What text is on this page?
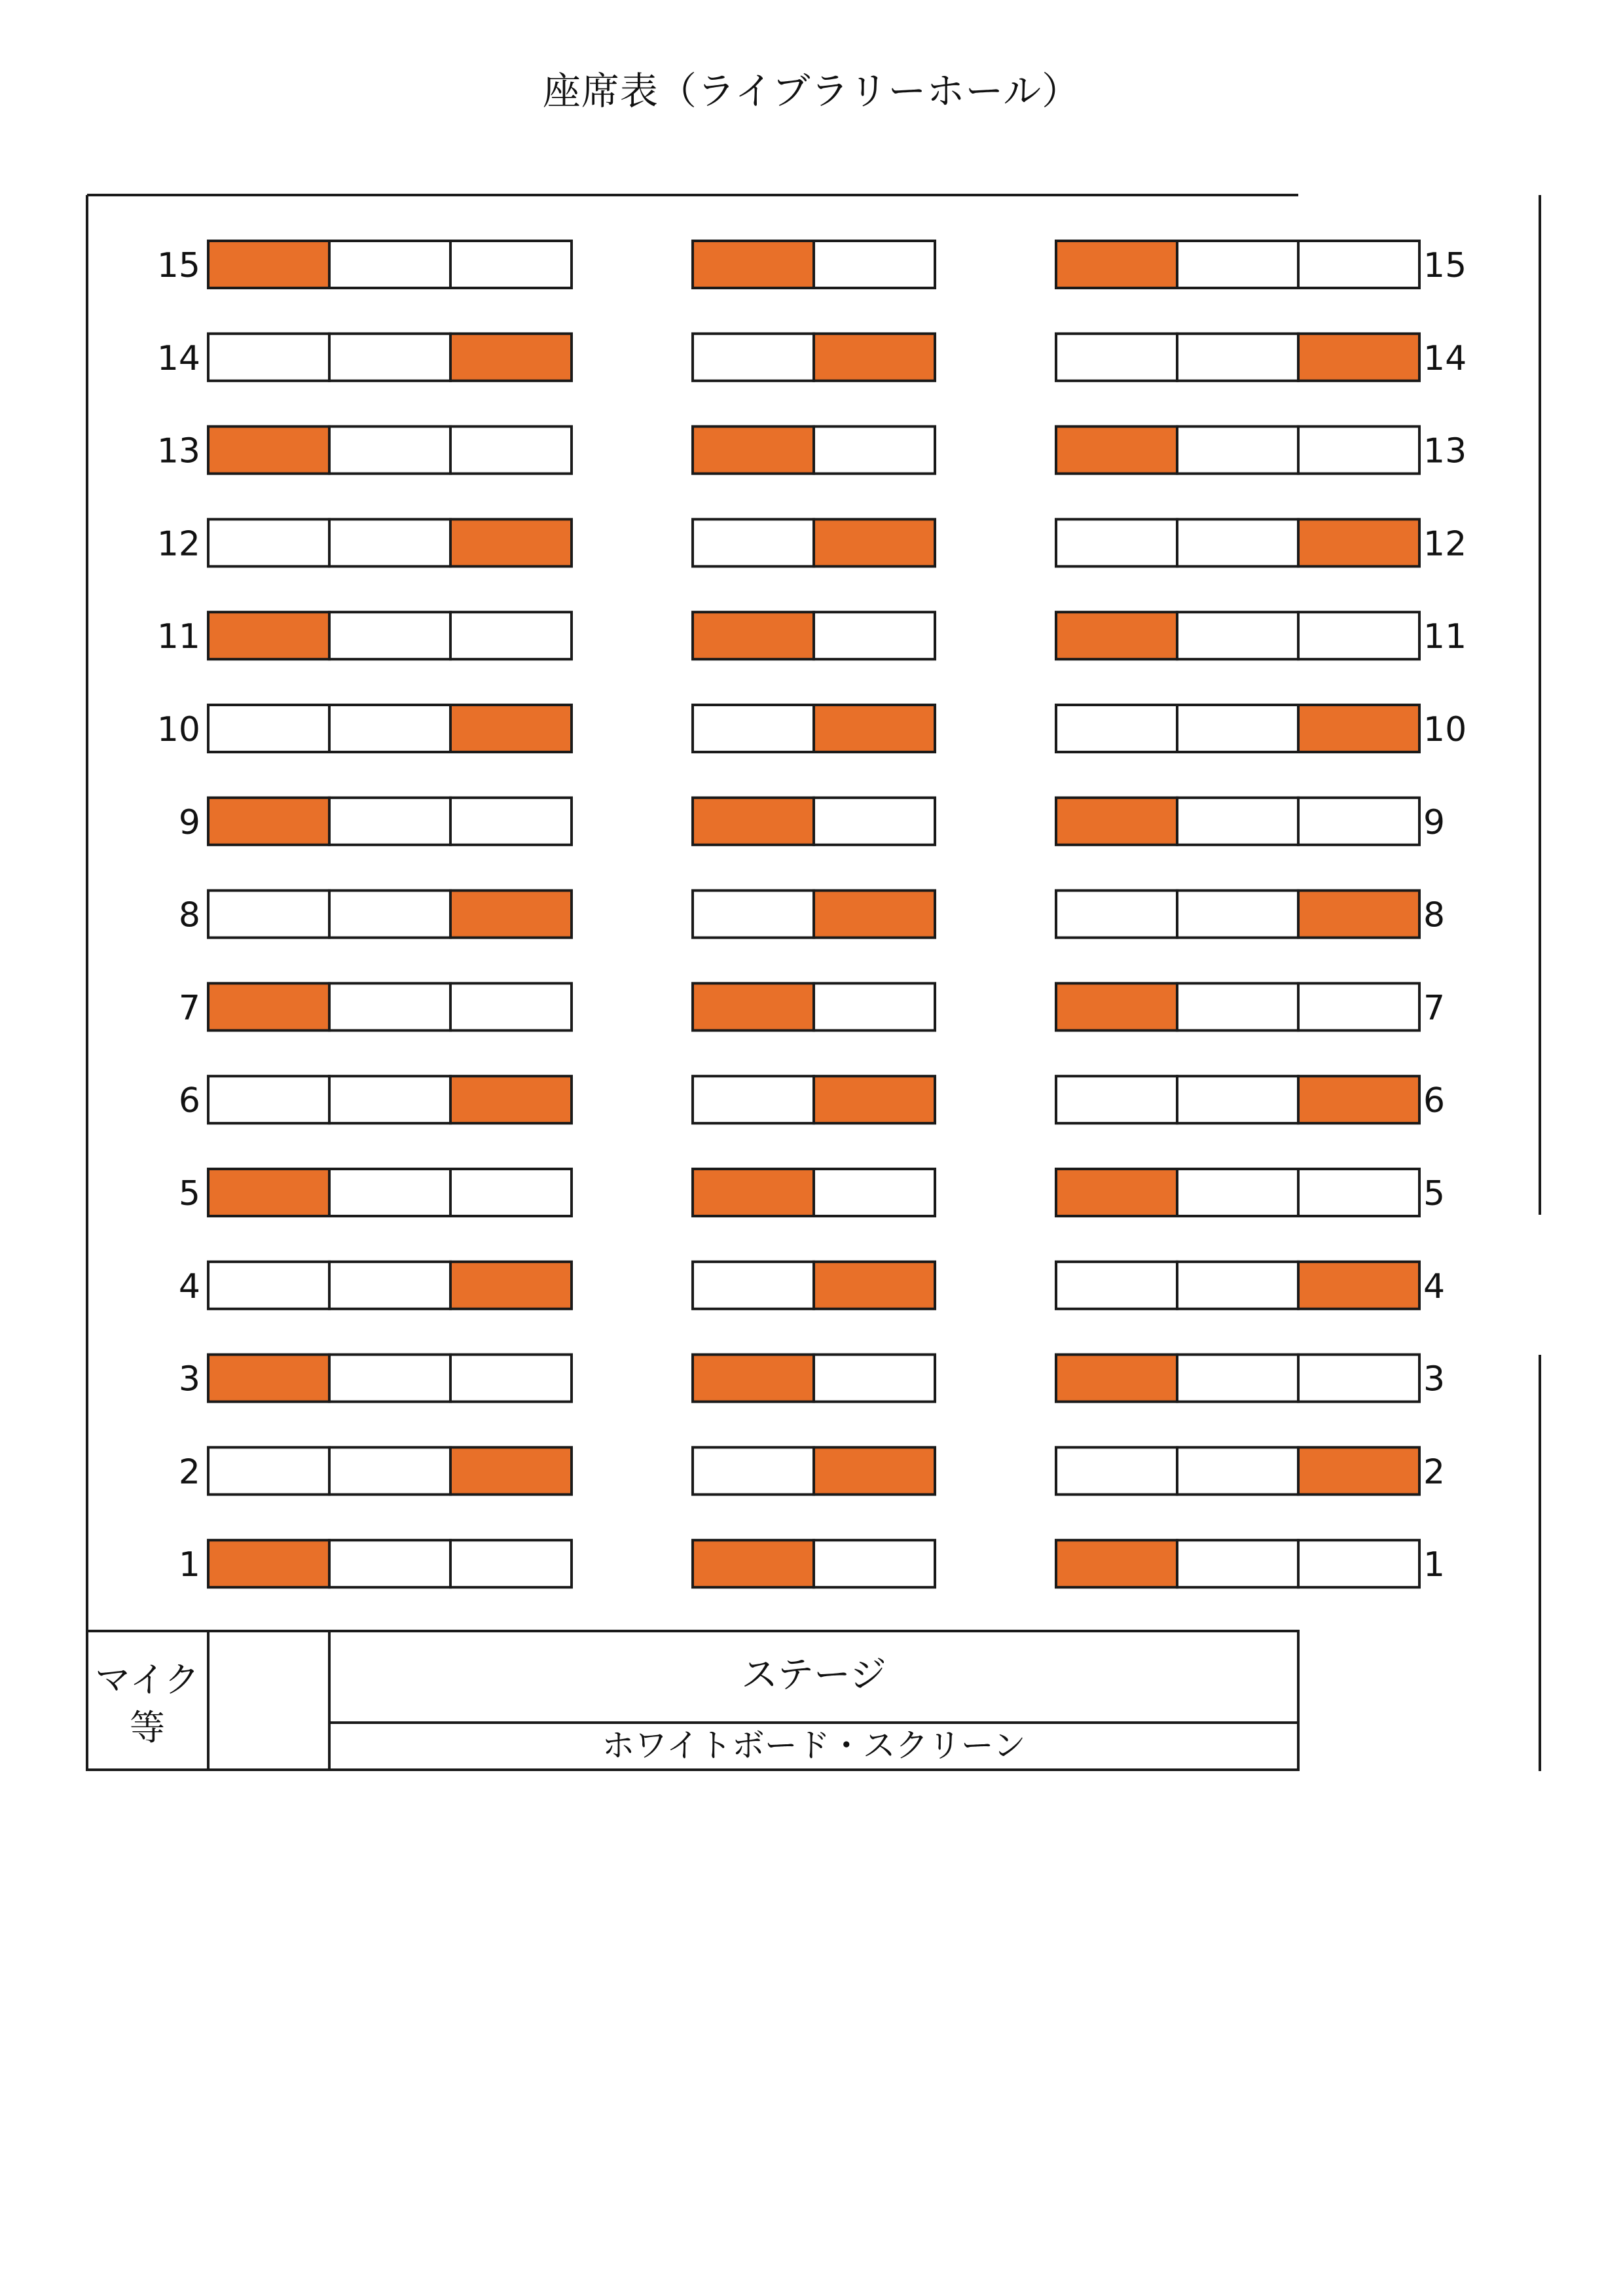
座席表（ライブラリーホール）
15	15
14	14
13	13
12	12
11	11
10	10
9	9
8	8
7	7
6	6
5	5
4	4
3	3
2	2
1	1
マイク
等
ステージ
ホワイトボード・スクリーン
